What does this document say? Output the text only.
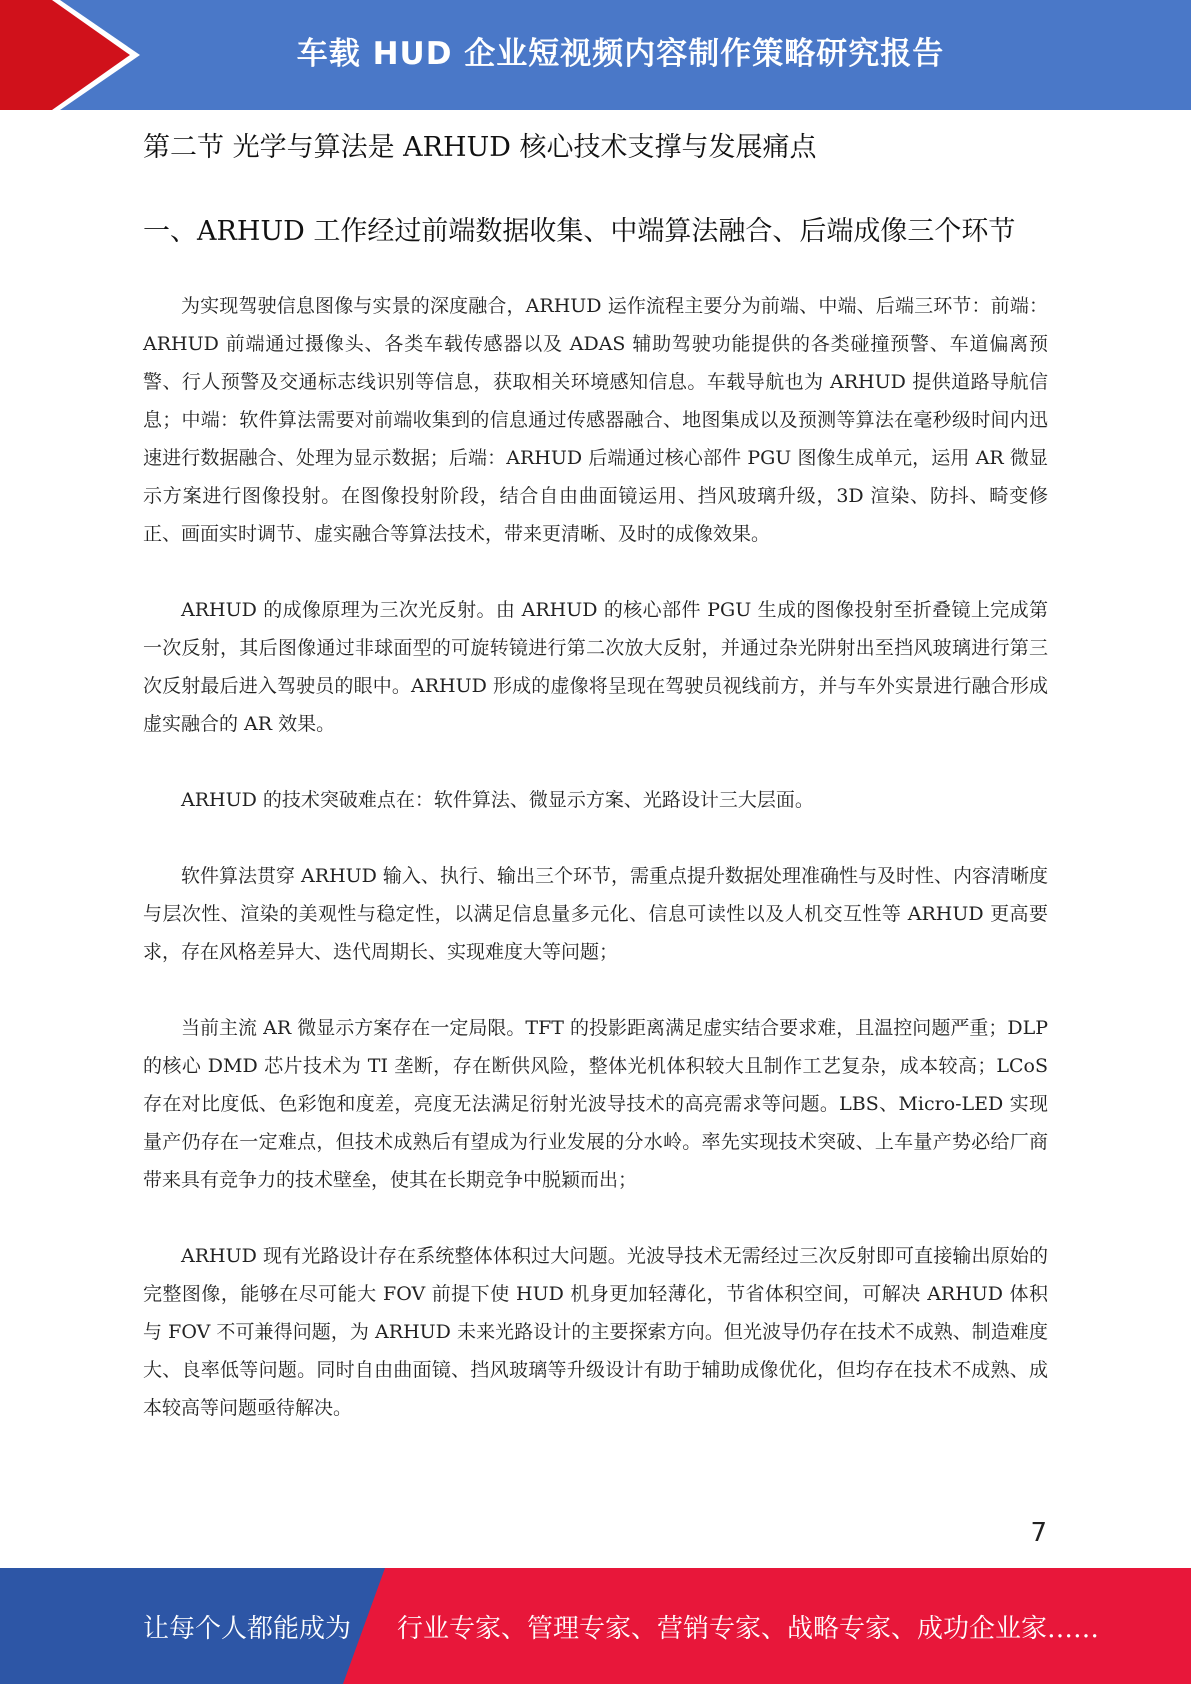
车载 HUD 企业短视频内容制作策略研究报告
第二节 光学与算法是 ARHUD 核心技术支撑与发展痛点
一、ARHUD 工作经过前端数据收集、中端算法融合、后端成像三个环节

为实现驾驶信息图像与实景的深度融合，ARHUD 运作流程主要分为前端、中端、后端三环节：前端：ARHUD 前端通过摄像头、各类车载传感器以及 ADAS 辅助驾驶功能提供的各类碰撞预警、车道偏离预警、行人预警及交通标志线识别等信息，获取相关环境感知信息。车载导航也为 ARHUD 提供道路导航信息；中端：软件算法需要对前端收集到的信息通过传感器融合、地图集成以及预测等算法在毫秒级时间内迅速进行数据融合、处理为显示数据；后端：ARHUD 后端通过核心部件 PGU 图像生成单元，运用 AR 微显示方案进行图像投射。在图像投射阶段，结合自由曲面镜运用、挡风玻璃升级，3D 渲染、防抖、畸变修正、画面实时调节、虚实融合等算法技术，带来更清晰、及时的成像效果。

ARHUD 的成像原理为三次光反射。由 ARHUD 的核心部件 PGU 生成的图像投射至折叠镜上完成第一次反射，其后图像通过非球面型的可旋转镜进行第二次放大反射，并通过杂光阱射出至挡风玻璃进行第三次反射最后进入驾驶员的眼中。ARHUD 形成的虚像将呈现在驾驶员视线前方，并与车外实景进行融合形成虚实融合的 AR 效果。

ARHUD 的技术突破难点在：软件算法、微显示方案、光路设计三大层面。

软件算法贯穿 ARHUD 输入、执行、输出三个环节，需重点提升数据处理准确性与及时性、内容清晰度与层次性、渲染的美观性与稳定性，以满足信息量多元化、信息可读性以及人机交互性等 ARHUD 更高要求，存在风格差异大、迭代周期长、实现难度大等问题；

当前主流 AR 微显示方案存在一定局限。TFT 的投影距离满足虚实结合要求难，且温控问题严重；DLP 的核心 DMD 芯片技术为 TI 垄断，存在断供风险，整体光机体积较大且制作工艺复杂，成本较高；LCoS 存在对比度低、色彩饱和度差，亮度无法满足衍射光波导技术的高亮需求等问题。LBS、Micro-LED 实现量产仍存在一定难点，但技术成熟后有望成为行业发展的分水岭。率先实现技术突破、上车量产势必给厂商带来具有竞争力的技术壁垒，使其在长期竞争中脱颖而出；

ARHUD 现有光路设计存在系统整体体积过大问题。光波导技术无需经过三次反射即可直接输出原始的完整图像，能够在尽可能大 FOV 前提下使 HUD 机身更加轻薄化，节省体积空间，可解决 ARHUD 体积与 FOV 不可兼得问题，为 ARHUD 未来光路设计的主要探索方向。但光波导仍存在技术不成熟、制造难度大、良率低等问题。同时自由曲面镜、挡风玻璃等升级设计有助于辅助成像优化，但均存在技术不成熟、成本较高等问题亟待解决。

7
让每个人都能成为 行业专家、管理专家、营销专家、战略专家、成功企业家……
